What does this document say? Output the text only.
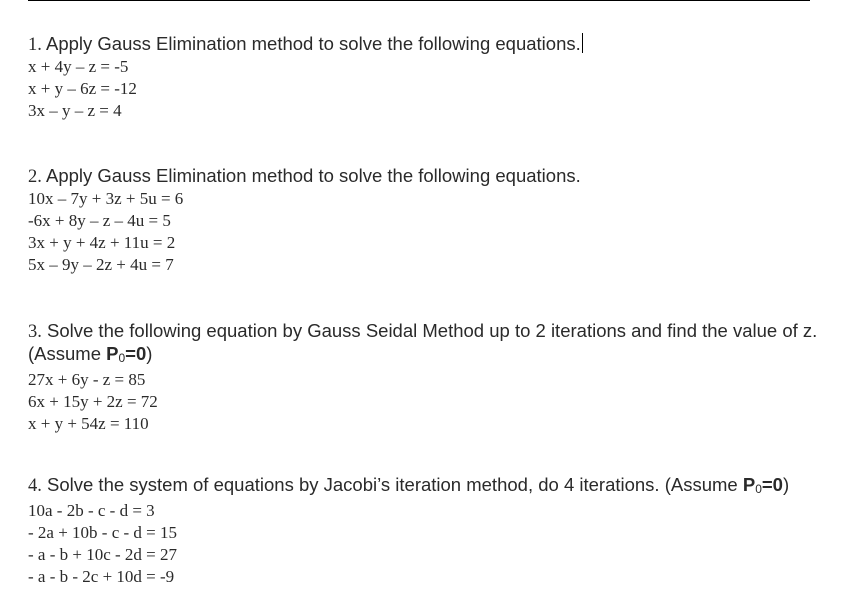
1. Apply Gauss Elimination method to solve the following equations.

x + 4y – z = -5

x + y – 6z = -12

3x – y – z = 4

2. Apply Gauss Elimination method to solve the following equations.

10x – 7y + 3z + 5u = 6

-6x + 8y – z – 4u = 5

3x + y + 4z + 11u = 2

5x – 9y – 2z + 4u = 7

3. Solve the following equation by Gauss Seidal Method up to 2 iterations and find the value of z. (Assume P0=0)

27x + 6y - z = 85

6x + 15y + 2z = 72

x + y + 54z = 110

4. Solve the system of equations by Jacobi’s iteration method, do 4 iterations. (Assume P0=0)

10a - 2b - c - d = 3

- 2a + 10b - c - d = 15

- a - b + 10c - 2d = 27

- a - b - 2c + 10d = -9
